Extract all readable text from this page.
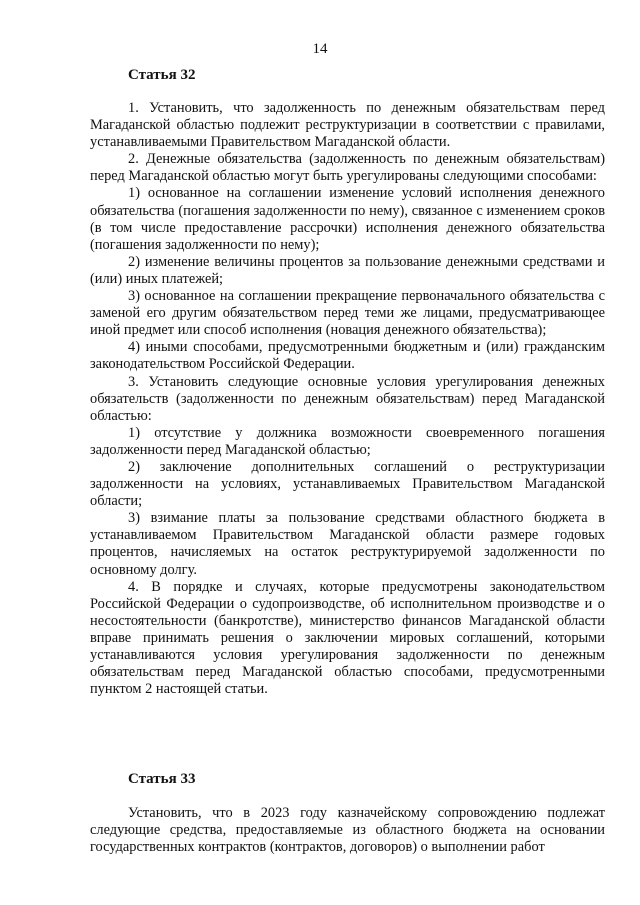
14
Статья 32

1. Установить, что задолженность по денежным обязательствам перед Магаданской областью подлежит реструктуризации в соответствии с правилами, устанавливаемыми Правительством Магаданской области.

2. Денежные обязательства (задолженность по денежным обязательствам) перед Магаданской областью могут быть урегулированы следующими способами:

1) основанное на соглашении изменение условий исполнения денежного обязательства (погашения задолженности по нему), связанное с изменением сроков (в том числе предоставление рассрочки) исполнения денежного обязательства (погашения задолженности по нему);

2) изменение величины процентов за пользование денежными средствами и (или) иных платежей;

3) основанное на соглашении прекращение первоначального обязательства с заменой его другим обязательством перед теми же лицами, предусматривающее иной предмет или способ исполнения (новация денежного обязательства);

4) иными способами, предусмотренными бюджетным и (или) гражданским законодательством Российской Федерации.

3. Установить следующие основные условия урегулирования денежных обязательств (задолженности по денежным обязательствам) перед Магаданской областью:

1) отсутствие у должника возможности своевременного погашения задолженности перед Магаданской областью;

2) заключение дополнительных соглашений о реструктуризации задолженности на условиях, устанавливаемых Правительством Магаданской области;

3) взимание платы за пользование средствами областного бюджета в устанавливаемом Правительством Магаданской области размере годовых процентов, начисляемых на остаток реструктурируемой задолженности по основному долгу.

4. В порядке и случаях, которые предусмотрены законодательством Российской Федерации о судопроизводстве, об исполнительном производстве и о несостоятельности (банкротстве), министерство финансов Магаданской области вправе принимать решения о заключении мировых соглашений, которыми устанавливаются условия урегулирования задолженности по денежным обязательствам перед Магаданской областью способами, предусмотренными пунктом 2 настоящей статьи.

Статья 33

Установить, что в 2023 году казначейскому сопровождению подлежат следующие средства, предоставляемые из областного бюджета на основании государственных контрактов (контрактов, договоров) о выполнении работ
